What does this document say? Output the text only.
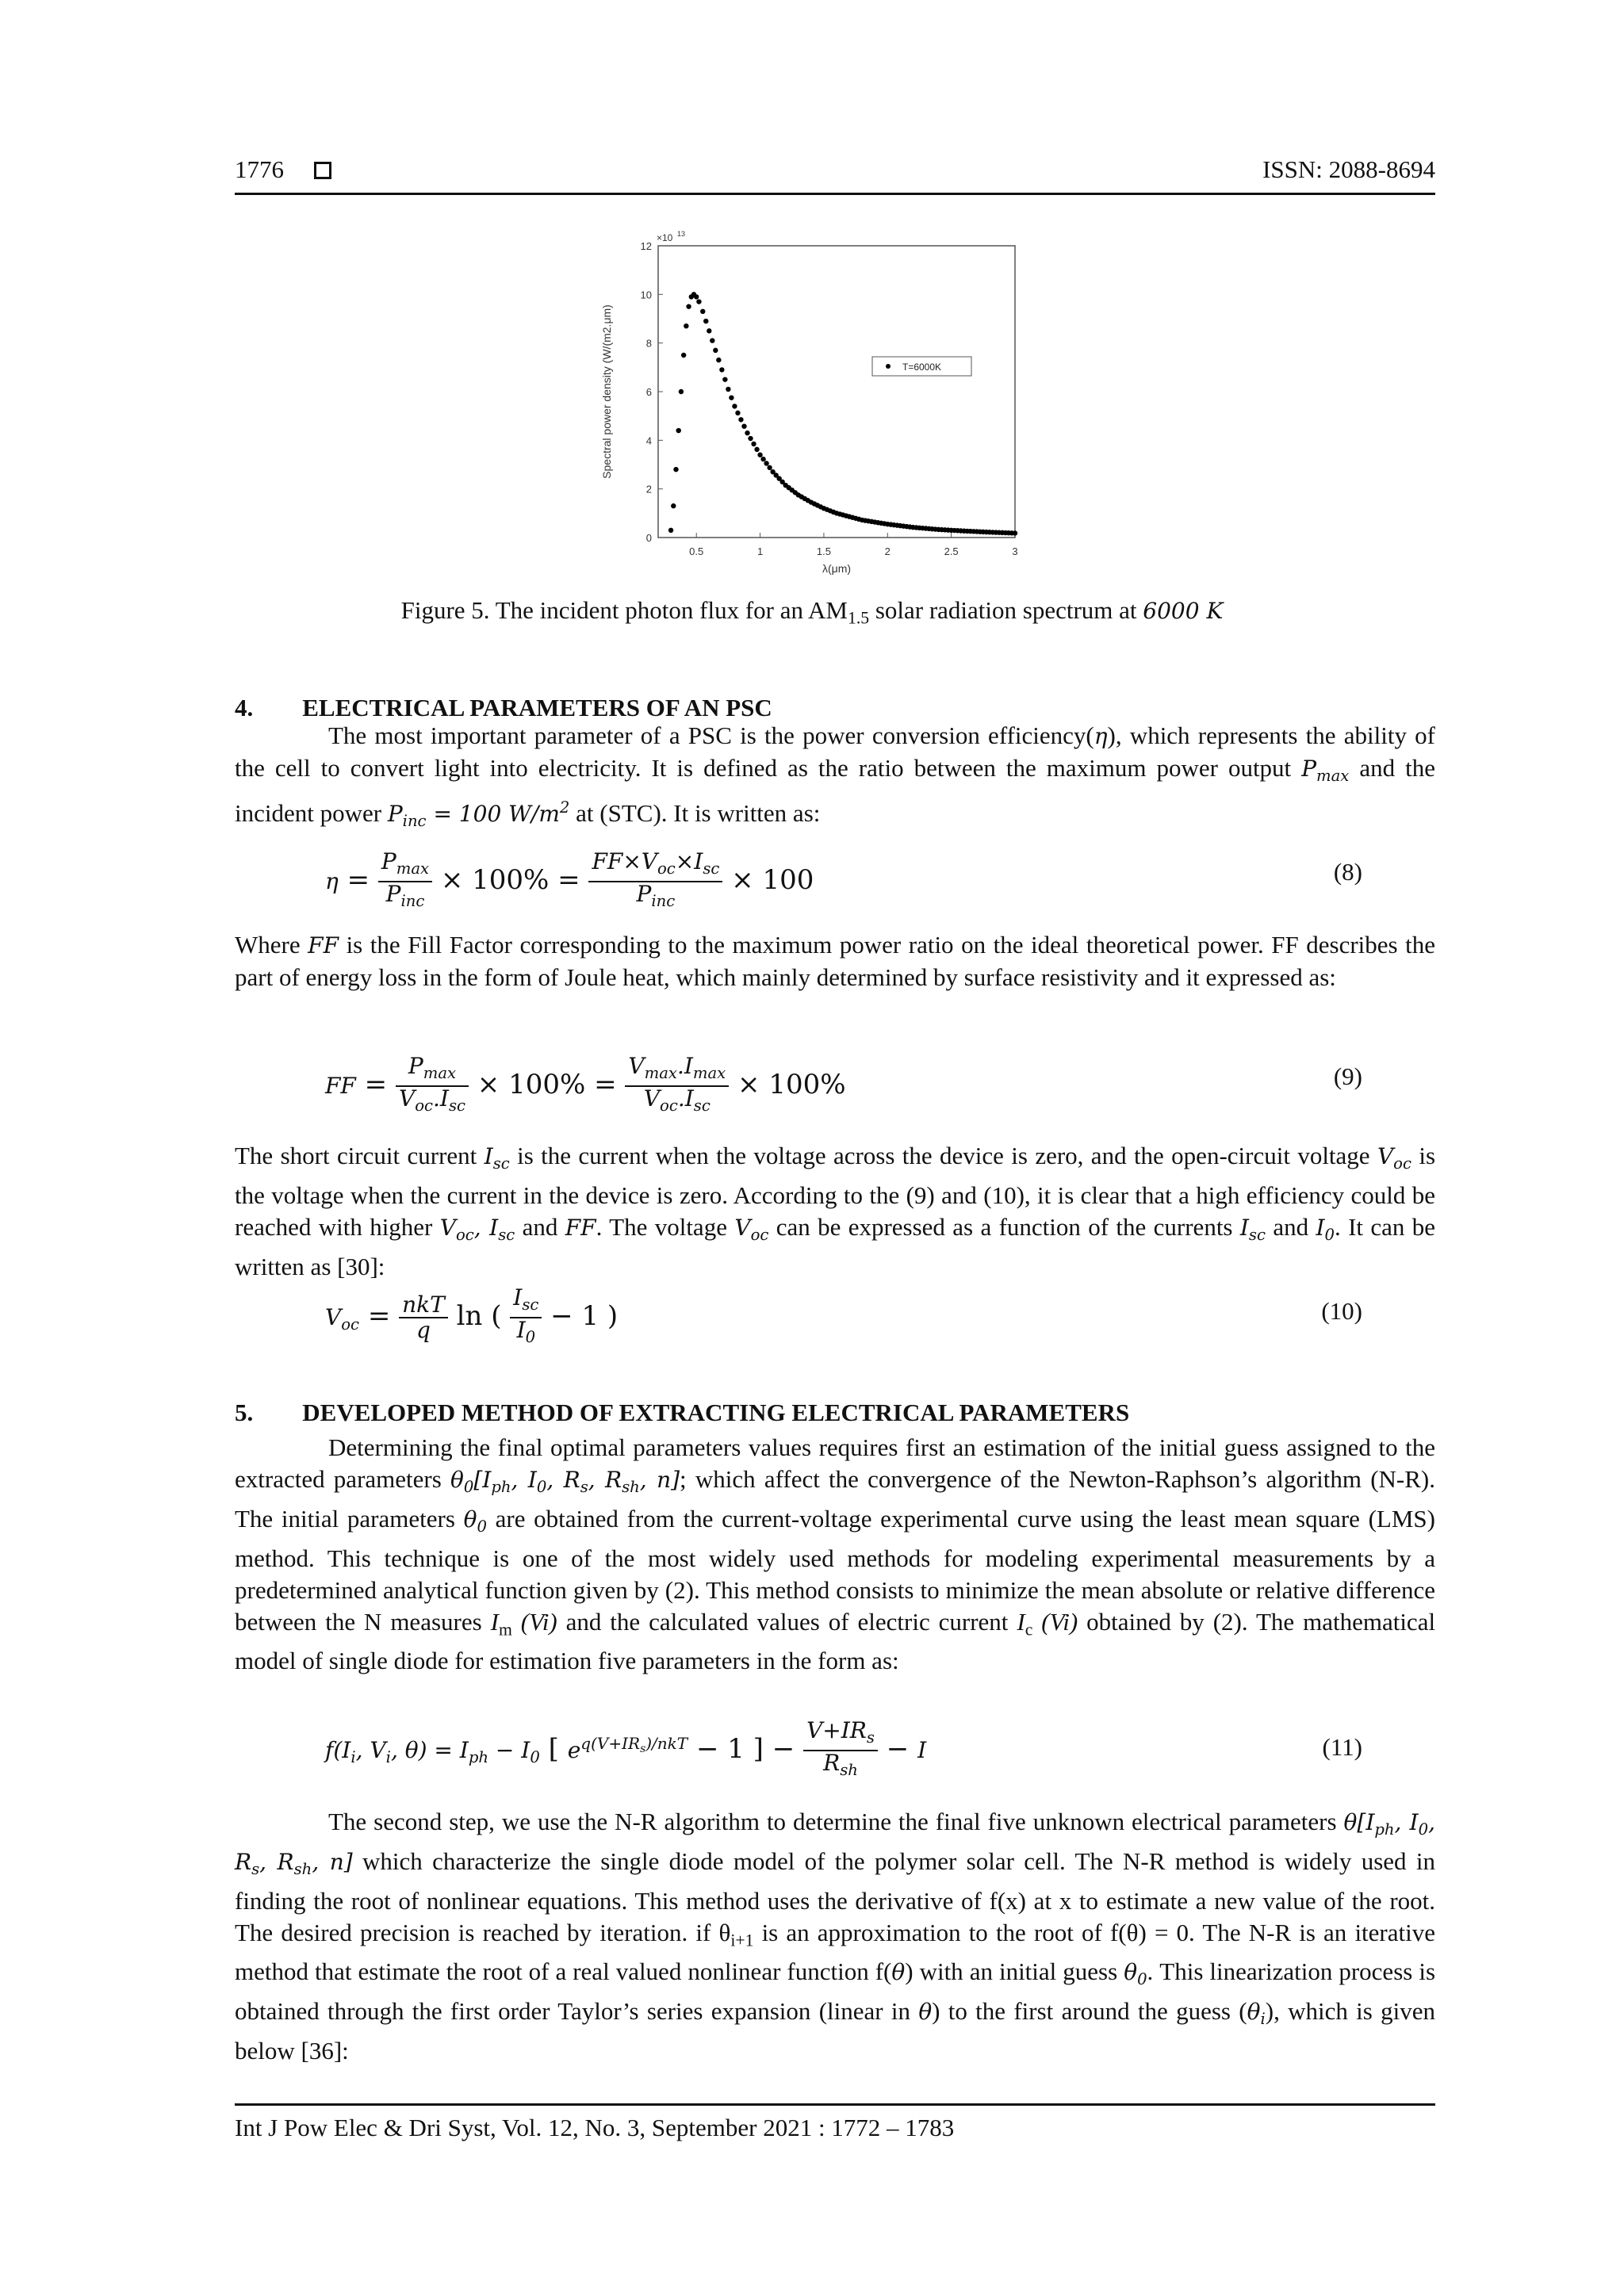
1776	ISSN: 2088-8694
0.5	1	1.5	2	2.5	3
0
2
4
6
8
10
12
×10 13
λ(μm)
Spectral power density (W/(m2.μm)	T=6000K
Figure 5. The incident photon flux for an $AM_{1.5}$ solar radiation spectrum at 6000 K
4.  ELECTRICAL PARAMETERS OF AN PSC
The most important parameter of a PSC is the power conversion efficiency(η), which represents the ability of the cell to convert light into electricity. It is defined as the ratio between the maximum power output $P_{max}$ and the incident power $P_{inc} = 100$ $W/m^2$ at (STC). It is written as:
$\eta = \frac{P_{max}}{P_{inc}} \times 100\% = \frac{FF\times V_{oc}\times I_{sc}}{P_{inc}} \times 100$	(8)
Where FF is the Fill Factor corresponding to the maximum power ratio on the ideal theoretical power. FF describes the part of energy loss in the form of Joule heat, which mainly determined by surface resistivity and it expressed as:
FF = $\frac{P_{max}}{V_{oc}.I_{sc}} \times 100\% = \frac{V_{max}.I_{max}}{V_{oc}.I_{sc}} \times 100\%$	(9)
The short circuit current $I_{sc}$ is the current when the voltage across the device is zero, and the open-circuit voltage $V_{oc}$ is the voltage when the current in the device is zero. According to the (9) and (10), it is clear that a high efficiency could be reached with higher $V_{oc}$, $I_{sc}$ and FF. The voltage $V_{oc}$ can be expressed as a function of the currents $I_{sc}$ and $I_0$. It can be written as [30]:
$V_{oc} = \frac{\text{nkT}}{q}$ ln ( $\frac{I_{sc}}{I_0} - 1$ )	(10)
5.  DEVELOPED METHOD OF EXTRACTING ELECTRICAL PARAMETERS
Determining the final optimal parameters values requires first an estimation of the initial guess assigned to the extracted parameters $\theta_0[I_{ph}$, $I_0$, $R_s$, $R_{sh}$, n]; which affect the convergence of the Newton-Raphson’s algorithm (N-R). The initial parameters $\theta_0$ are obtained from the current-voltage experimental curve using the least mean square (LMS) method. This technique is one of the most widely used methods for modeling experimental measurements by a predetermined analytical function given by (2). This method consists to minimize the mean absolute or relative difference between the N measures $I_m$ (Vi) and the calculated values of electric current $I_c$ (Vi) obtained by (2). The mathematical model of single diode for estimation five parameters in the form as:
$f(I_i$, $V_i$, $\theta) = I_{ph} - I_0$ [ $e^{q(V+IR_s)/nkT} - 1$ ] − $\frac{V+IR_s}{R_{sh}} - I$	(11)
The second step, we use the N-R algorithm to determine the final five unknown electrical parameters $\theta[I_{ph}$, $I_0$, $R_s$, $R_{sh}$, n] which characterize the single diode model of the polymer solar cell. The N-R method is widely used in finding the root of nonlinear equations. This method uses the derivative of f(x) at x to estimate a new value of the root. The desired precision is reached by iteration. if $\theta_{i+1}$ is an approximation to the root of f(θ) = 0. The N-R is an iterative method that estimate the root of a real valued nonlinear function f(θ) with an initial guess $\theta_0$. This linearization process is obtained through the first order Taylor’s series expansion (linear in θ) to the first around the guess $(\theta_i)$, which is given below [36]:
Int J Pow Elec & Dri Syst, Vol. 12, No. 3, September 2021 : 1772 – 1783
